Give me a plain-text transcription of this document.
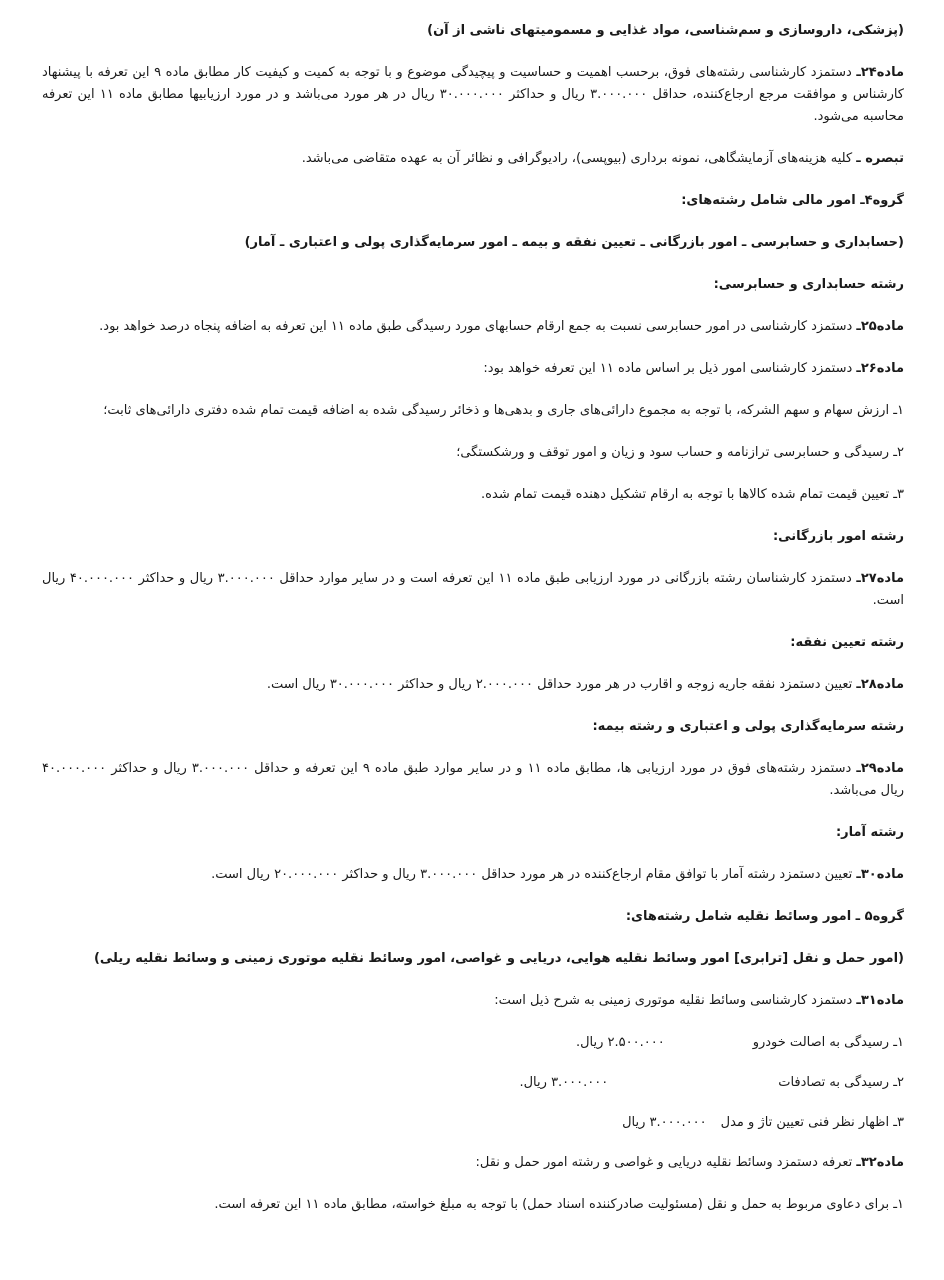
(پزشکی، داروسازی و سم‌شناسی، مواد غذایی و مسمومیتهای ناشی از آن)

ماده۲۴ـ دستمزد کارشناسی رشته‌های فوق، برحسب اهمیت و حساسیت و پیچیدگی موضوع و با توجه به کمیت و کیفیت کار مطابق ماده ۹ این تعرفه با پیشنهاد کارشناس و موافقت مرجع ارجاع‌کننده، حداقل ۳.۰۰۰.۰۰۰ ریال و حداکثر ۳۰.۰۰۰.۰۰۰ ریال در هر مورد می‌باشد و در مورد ارزیابیها مطابق ماده ۱۱ این تعرفه محاسبه می‌شود.

تبصره ـ کلیه هزینه‌های آزمایشگاهی، نمونه برداری (بیوپسی)، رادیوگرافی و نظائر آن به عهده متقاضی می‌باشد.

گروه۴ـ امور مالی شامل رشته‌های:

(حسابداری و حسابرسی ـ امور بازرگانی ـ تعیین نفقه و بیمه ـ امور سرمایه‌گذاری پولی و اعتباری ـ آمار)

رشته حسابداری و حسابرسی:

ماده۲۵ـ دستمزد کارشناسی در امور حسابرسی نسبت به جمع ارقام حسابهای مورد رسیدگی طبق ماده ۱۱ این تعرفه به اضافه پنجاه درصد خواهد بود.

ماده۲۶ـ دستمزد کارشناسی امور ذیل بر اساس ماده ۱۱ این تعرفه خواهد بود:

۱ـ ارزش سهام و سهم الشرکه، با توجه به مجموع دارائی‌های جاری و بدهی‌ها و ذخائر رسیدگی شده به اضافه قیمت تمام شده دفتری دارائی‌های ثابت؛

۲ـ رسیدگی و حسابرسی ترازنامه و حساب سود و زیان و امور توقف و ورشکستگی؛

۳ـ تعیین قیمت تمام شده کالاها با توجه به ارقام تشکیل دهنده قیمت تمام شده.

رشته امور بازرگانی:

ماده۲۷ـ دستمزد کارشناسان رشته بازرگانی در مورد ارزیابی طبق ماده ۱۱ این تعرفه است و در سایر موارد حداقل ۳.۰۰۰.۰۰۰ ریال و حداکثر ۴۰.۰۰۰.۰۰۰ ریال است.

رشته تعیین نفقه:

ماده۲۸ـ تعیین دستمزد نفقه جاریه زوجه و اقارب در هر مورد حداقل ۲.۰۰۰.۰۰۰ ریال و حداکثر ۳۰.۰۰۰.۰۰۰ ریال است.

رشته سرمایه‌گذاری پولی و اعتباری و رشته بیمه:

ماده۲۹ـ دستمزد رشته‌های فوق در مورد ارزیابی ها، مطابق ماده ۱۱ و در سایر موارد طبق ماده ۹ این تعرفه و حداقل ۳.۰۰۰.۰۰۰ ریال و حداکثر ۴۰.۰۰۰.۰۰۰ ریال می‌باشد.

رشته آمار:

ماده۳۰ـ تعیین دستمزد رشته آمار با توافق مقام ارجاع‌کننده در هر مورد حداقل ۳.۰۰۰.۰۰۰ ریال و حداکثر ۲۰.۰۰۰.۰۰۰ ریال است.

گروه۵ ـ امور وسائط نقلیه شامل رشته‌های:

(امور حمل و نقل [ترابری] امور وسائط نقلیه هوایی، دریایی و غواصی، امور وسائط نقلیه موتوری زمینی و وسائط نقلیه ریلی)

ماده۳۱ـ دستمزد کارشناسی وسائط نقلیه موتوری زمینی به شرح ذیل است:

۱ـ رسیدگی به اصالت خودرو۲.۵۰۰.۰۰۰ ریال.

۲ـ رسیدگی به تصادفات۳.۰۰۰.۰۰۰ ریال.

۳ـ اظهار نظر فنی تعیین تاژ و مدل۳.۰۰۰.۰۰۰ ریال

ماده۳۲ـ تعرفه دستمزد وسائط نقلیه دریایی و غواصی و رشته امور حمل و نقل:

۱ـ برای دعاوی مربوط به حمل و نقل (مسئولیت صادرکننده اسناد حمل) با توجه به مبلغ خواسته، مطابق ماده ۱۱ این تعرفه است.
